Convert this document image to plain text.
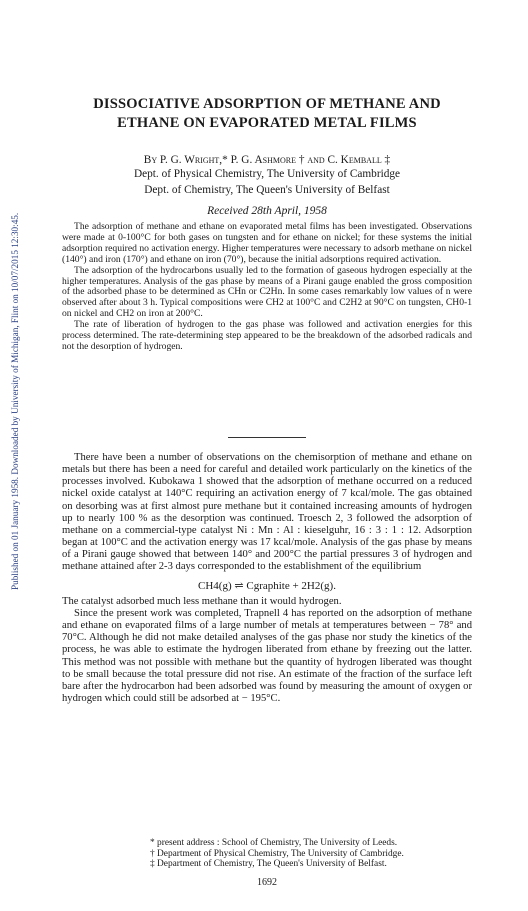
Published on 01 January 1958. Downloaded by University of Michigan, Flint on 10/07/2015 12:30:45.
DISSOCIATIVE ADSORPTION OF METHANE AND
ETHANE ON EVAPORATED METAL FILMS
By P. G. Wright,* P. G. Ashmore † and C. Kemball ‡
Dept. of Physical Chemistry, The University of Cambridge
Dept. of Chemistry, The Queen's University of Belfast
Received 28th April, 1958

The adsorption of methane and ethane on evaporated metal films has been investigated. Observations were made at 0-100°C for both gases on tungsten and for ethane on nickel; for these systems the initial adsorption required no activation energy. Higher temperatures were necessary to adsorb methane on nickel (140°) and iron (170°) and ethane on iron (70°), because the initial adsorptions required activation.

The adsorption of the hydrocarbons usually led to the formation of gaseous hydrogen especially at the higher temperatures. Analysis of the gas phase by means of a Pirani gauge enabled the gross composition of the adsorbed phase to be determined as CHn or C2Hn. In some cases remarkably low values of n were observed after about 3 h. Typical compositions were CH2 at 100°C and C2H2 at 90°C on tungsten, CH0-1 on nickel and CH2 on iron at 200°C.

The rate of liberation of hydrogen to the gas phase was followed and activation energies for this process determined. The rate-determining step appeared to be the breakdown of the adsorbed radicals and not the desorption of hydrogen.

There have been a number of observations on the chemisorption of methane and ethane on metals but there has been a need for careful and detailed work particularly on the kinetics of the processes involved. Kubokawa 1 showed that the adsorption of methane occurred on a reduced nickel oxide catalyst at 140°C requiring an activation energy of 7 kcal/mole. The gas obtained on desorbing was at first almost pure methane but it contained increasing amounts of hydrogen up to nearly 100 % as the desorption was continued. Troesch 2, 3 followed the adsorption of methane on a commercial-type catalyst Ni : Mn : Al : kieselguhr, 16 : 3 : 1 : 12. Adsorption began at 100°C and the activation energy was 17 kcal/mole. Analysis of the gas phase by means of a Pirani gauge showed that between 140° and 200°C the partial pressures 3 of hydrogen and methane attained after 2-3 days corresponded to the establishment of the equilibrium

CH4(g) ⇌ Cgraphite + 2H2(g).

The catalyst adsorbed much less methane than it would hydrogen.

Since the present work was completed, Trapnell 4 has reported on the adsorption of methane and ethane on evaporated films of a large number of metals at temperatures between − 78° and 70°C. Although he did not make detailed analyses of the gas phase nor study the kinetics of the process, he was able to estimate the hydrogen liberated from ethane by freezing out the latter. This method was not possible with methane but the quantity of hydrogen liberated was thought to be small because the total pressure did not rise. An estimate of the fraction of the surface left bare after the hydrocarbon had been adsorbed was found by measuring the amount of oxygen or hydrogen which could still be adsorbed at − 195°C.

* present address : School of Chemistry, The University of Leeds.
† Department of Physical Chemistry, The University of Cambridge.
‡ Department of Chemistry, The Queen's University of Belfast.
1692
